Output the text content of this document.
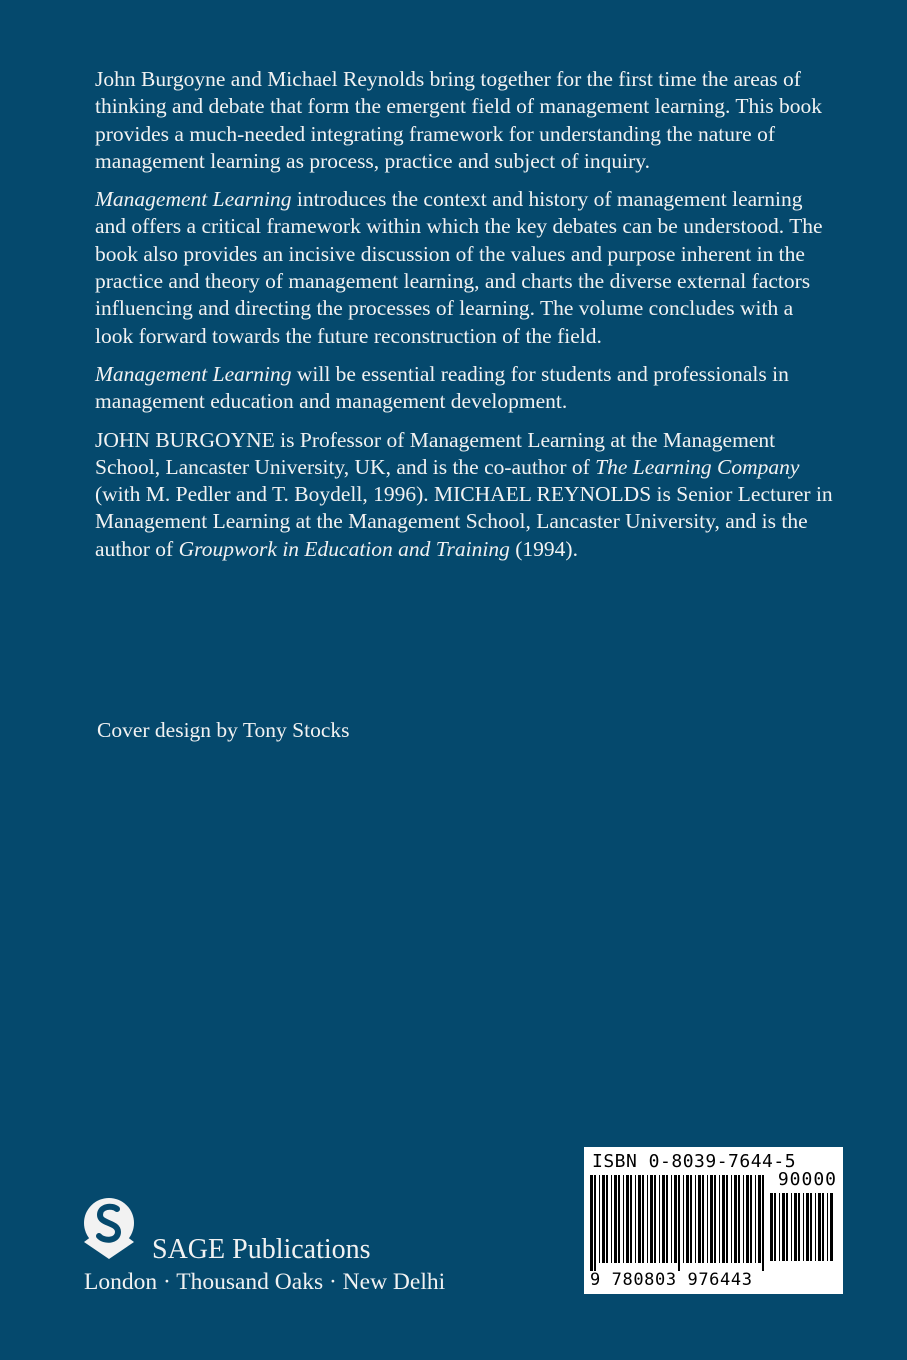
John Burgoyne and Michael Reynolds bring together for the first time the areas of thinking and debate that form the emergent field of management learning. This book provides a much-needed integrating framework for understanding the nature of management learning as process, practice and subject of inquiry.

Management Learning introduces the context and history of management learning and offers a critical framework within which the key debates can be understood. The book also provides an incisive discussion of the values and purpose inherent in the practice and theory of management learning, and charts the diverse external factors influencing and directing the processes of learning. The volume concludes with a look forward towards the future reconstruction of the field.

Management Learning will be essential reading for students and professionals in management education and management development.

JOHN BURGOYNE is Professor of Management Learning at the Management School, Lancaster University, UK, and is the co-author of The Learning Company (with M. Pedler and T. Boydell, 1996). MICHAEL REYNOLDS is Senior Lecturer in Management Learning at the Management School, Lancaster University, and is the author of Groupwork in Education and Training (1994).

Cover design by Tony Stocks
SAGE Publications
London · Thousand Oaks · New Delhi
ISBN 0-8039-7644-5
90000
9 780803 976443
